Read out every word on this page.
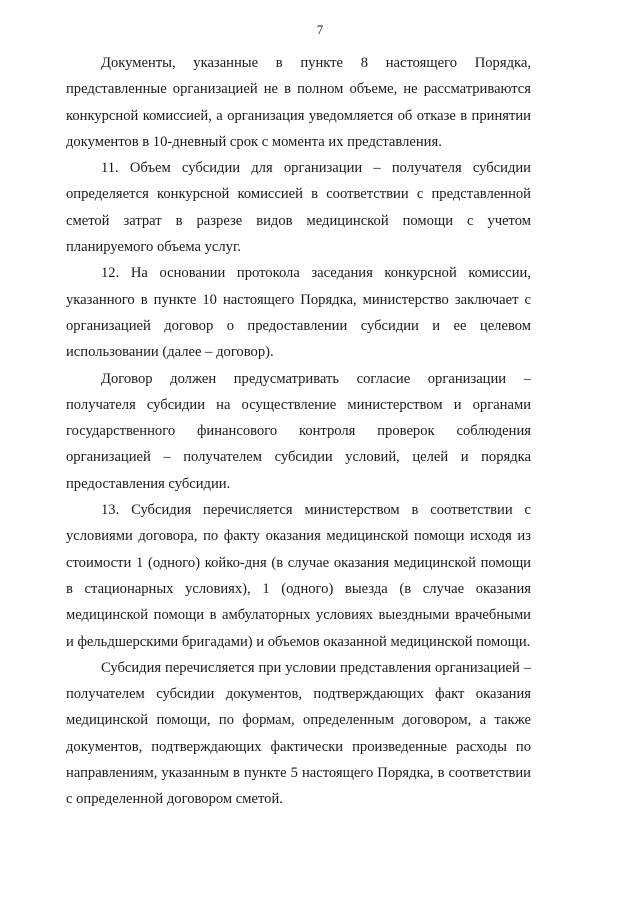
7

Документы, указанные в пункте 8 настоящего Порядка, представленные организацией не в полном объеме, не рассматриваются конкурсной комиссией, а организация уведомляется об отказе в принятии документов в 10-дневный срок с момента их представления.

11. Объем субсидии для организации – получателя субсидии определяется конкурсной комиссией в соответствии с представленной сметой затрат в разрезе видов медицинской помощи с учетом планируемого объема услуг.

12. На основании протокола заседания конкурсной комиссии, указанного в пункте 10 настоящего Порядка, министерство заключает с организацией договор о предоставлении субсидии и ее целевом использовании (далее – договор).

Договор должен предусматривать согласие организации – получателя субсидии на осуществление министерством и органами государственного финансового контроля проверок соблюдения организацией – получателем субсидии условий, целей и порядка предоставления субсидии.

13. Субсидия перечисляется министерством в соответствии с условиями договора, по факту оказания медицинской помощи исходя из стоимости 1 (одного) койко-дня (в случае оказания медицинской помощи в стационарных условиях), 1 (одного) выезда (в случае оказания медицинской помощи в амбулаторных условиях выездными врачебными и фельдшерскими бригадами) и объемов оказанной медицинской помощи.

Субсидия перечисляется при условии представления организацией – получателем субсидии документов, подтверждающих факт оказания медицинской помощи, по формам, определенным договором, а также документов, подтверждающих фактически произведенные расходы по направлениям, указанным в пункте 5 настоящего Порядка, в соответствии с определенной договором сметой.
